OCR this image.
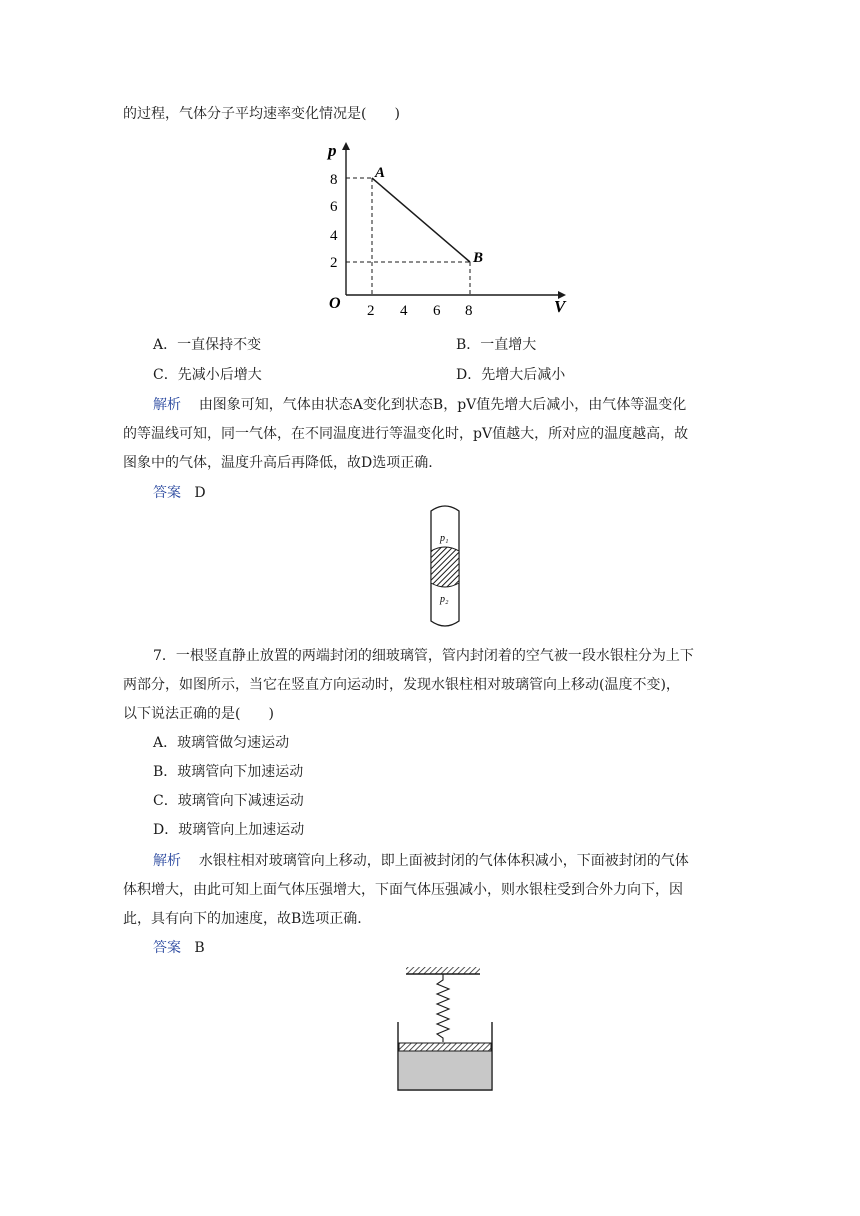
的过程，气体分子平均速率变化情况是(　　)
p
V
O
A
B
2
4
6
8
2 4 6 8
A．一直保持不变	B．一直增大
C．先减小后增大	D．先增大后减小
解析 由图象可知，气体由状态A变化到状态B，pV值先增大后减小，由气体等温变化
的等温线可知，同一气体，在不同温度进行等温变化时，pV值越大，所对应的温度越高，故
图象中的气体，温度升高后再降低，故D选项正确.
答案 D
p₁
p₂
7．一根竖直静止放置的两端封闭的细玻璃管，管内封闭着的空气被一段水银柱分为上下
两部分，如图所示，当它在竖直方向运动时，发现水银柱相对玻璃管向上移动(温度不变)，
以下说法正确的是(　　)
A．玻璃管做匀速运动
B．玻璃管向下加速运动
C．玻璃管向下减速运动
D．玻璃管向上加速运动
解析 水银柱相对玻璃管向上移动，即上面被封闭的气体体积减小，下面被封闭的气体
体积增大，由此可知上面气体压强增大，下面气体压强减小，则水银柱受到合外力向下，因
此，具有向下的加速度，故B选项正确.
答案 B
